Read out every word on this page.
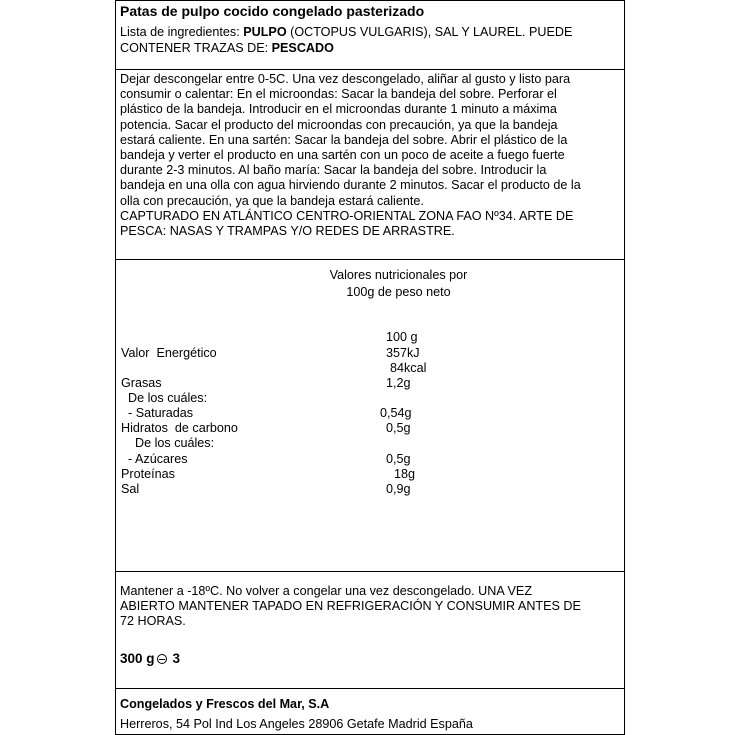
Patas de pulpo cocido congelado pasterizado
Lista de ingredientes: PULPO (OCTOPUS VULGARIS), SAL Y LAUREL. PUEDE
CONTENER TRAZAS DE: PESCADO

Dejar descongelar entre 0-5C. Una vez descongelado, aliñar al gusto y listo para

consumir o calentar: En el microondas: Sacar la bandeja del sobre. Perforar el

plástico de la bandeja. Introducir en el microondas durante 1 minuto a máxima

potencia. Sacar el producto del microondas con precaución, ya que la bandeja

estará caliente. En una sartén: Sacar la bandeja del sobre. Abrir el plástico de la

bandeja y verter el producto en una sartén con un poco de aceite a fuego fuerte

durante 2-3 minutos. Al baño maría: Sacar la bandeja del sobre. Introducir la

bandeja en una olla con agua hirviendo durante 2 minutos. Sacar el producto de la

olla con precaución, ya que la bandeja estará caliente.

CAPTURADO EN ATLÁNTICO CENTRO-ORIENTAL ZONA FAO Nº34. ARTE DE

PESCA: NASAS Y TRAMPAS Y/O REDES DE ARRASTRE.

Valores nutricionales por
100g de peso neto
100 g
Valor  Energético	357kJ
84kcal
Grasas	1,2g
De los cuáles:
- Saturadas	0,54g
Hidratos  de carbono	0,5g
De los cuáles:
- Azúcares	0,5g
Proteínas	18g
Sal	0,9g

Mantener a -18ºC. No volver a congelar una vez descongelado. UNA VEZ

ABIERTO MANTENER TAPADO EN REFRIGERACIÓN Y CONSUMIR ANTES DE

72 HORAS.

300 g 3
Congelados y Frescos del Mar, S.A
Herreros, 54 Pol Ind Los Angeles 28906 Getafe Madrid España
